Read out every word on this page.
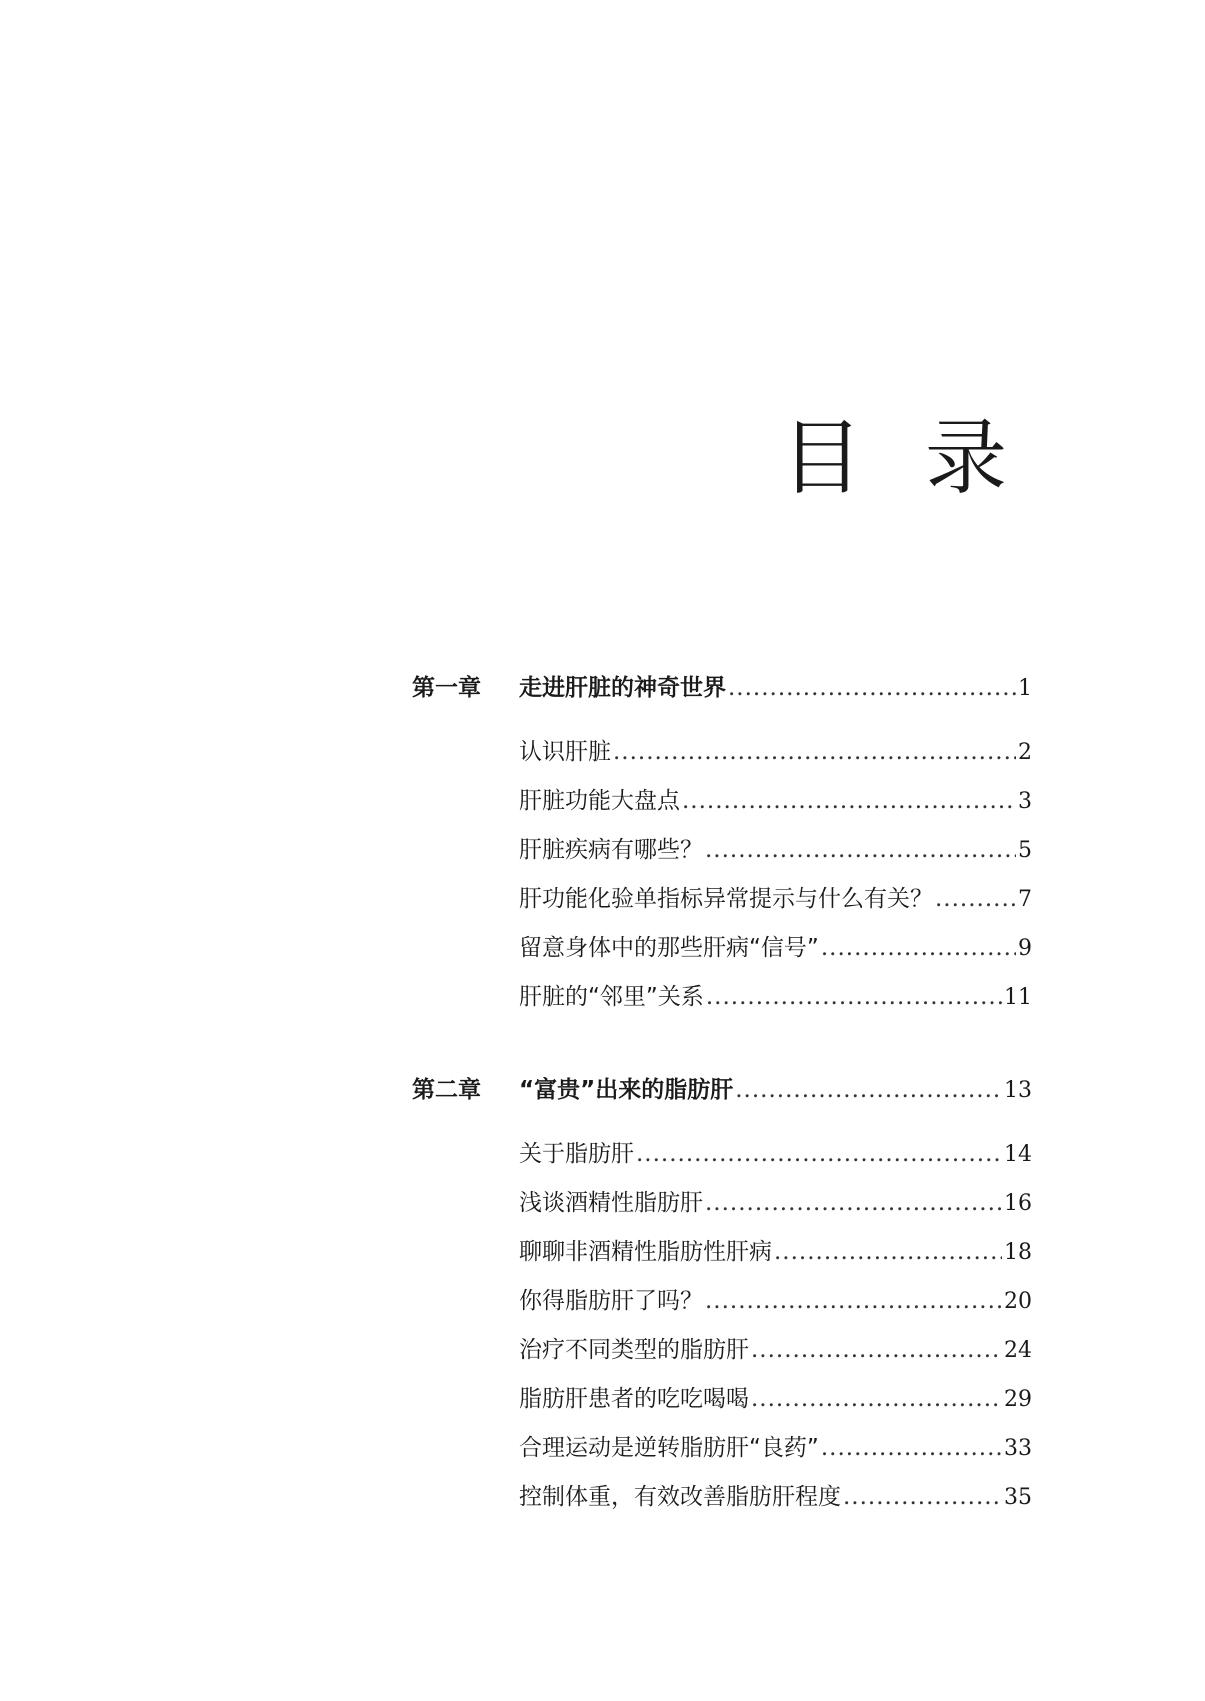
目 录
第一章	走进肝脏的神奇世界 .....	1
认识肝脏 .....	2
肝脏功能大盘点 .....	3
肝脏疾病有哪些？ .....	5
肝功能化验单指标异常提示与什么有关？ .....	7
留意身体中的那些肝病“信号” .....	9
肝脏的“邻里”关系 .....	11
第二章	“富贵”出来的脂肪肝 .....	13
关于脂肪肝 .....	14
浅谈酒精性脂肪肝 .....	16
聊聊非酒精性脂肪性肝病 .....	18
你得脂肪肝了吗？ .....	20
治疗不同类型的脂肪肝 .....	24
脂肪肝患者的吃吃喝喝 .....	29
合理运动是逆转脂肪肝“良药” .....	33
控制体重，有效改善脂肪肝程度 .....	35
